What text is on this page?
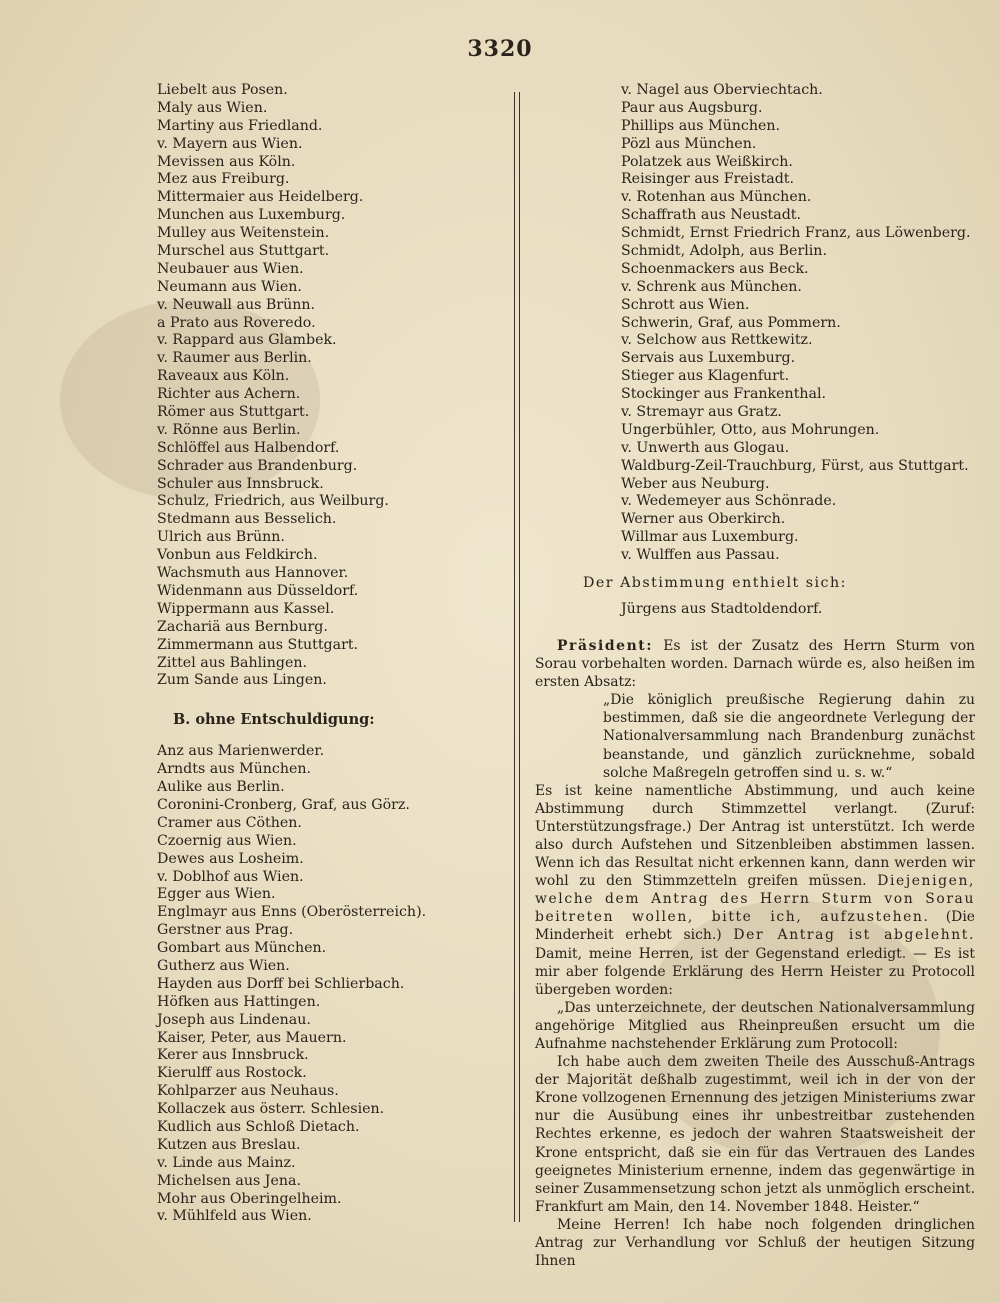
3320
Liebelt aus Posen.
Maly aus Wien.
Martiny aus Friedland.
v. Mayern aus Wien.
Mevissen aus Köln.
Mez aus Freiburg.
Mittermaier aus Heidelberg.
Munchen aus Luxemburg.
Mulley aus Weitenstein.
Murschel aus Stuttgart.
Neubauer aus Wien.
Neumann aus Wien.
v. Neuwall aus Brünn.
a Prato aus Roveredo.
v. Rappard aus Glambek.
v. Raumer aus Berlin.
Raveaux aus Köln.
Richter aus Achern.
Römer aus Stuttgart.
v. Rönne aus Berlin.
Schlöffel aus Halbendorf.
Schrader aus Brandenburg.
Schuler aus Innsbruck.
Schulz, Friedrich, aus Weilburg.
Stedmann aus Besselich.
Ulrich aus Brünn.
Vonbun aus Feldkirch.
Wachsmuth aus Hannover.
Widenmann aus Düsseldorf.
Wippermann aus Kassel.
Zachariä aus Bernburg.
Zimmermann aus Stuttgart.
Zittel aus Bahlingen.
Zum Sande aus Lingen.
B. ohne Entschuldigung:
Anz aus Marienwerder.
Arndts aus München.
Aulike aus Berlin.
Coronini-Cronberg, Graf, aus Görz.
Cramer aus Cöthen.
Czoernig aus Wien.
Dewes aus Losheim.
v. Doblhof aus Wien.
Egger aus Wien.
Englmayr aus Enns (Oberösterreich).
Gerstner aus Prag.
Gombart aus München.
Gutherz aus Wien.
Hayden aus Dorff bei Schlierbach.
Höfken aus Hattingen.
Joseph aus Lindenau.
Kaiser, Peter, aus Mauern.
Kerer aus Innsbruck.
Kierulff aus Rostock.
Kohlparzer aus Neuhaus.
Kollaczek aus österr. Schlesien.
Kudlich aus Schloß Dietach.
Kutzen aus Breslau.
v. Linde aus Mainz.
Michelsen aus Jena.
Mohr aus Oberingelheim.
v. Mühlfeld aus Wien.
v. Nagel aus Oberviechtach.
Paur aus Augsburg.
Phillips aus München.
Pözl aus München.
Polatzek aus Weißkirch.
Reisinger aus Freistadt.
v. Rotenhan aus München.
Schaffrath aus Neustadt.
Schmidt, Ernst Friedrich Franz, aus Löwenberg.
Schmidt, Adolph, aus Berlin.
Schoenmackers aus Beck.
v. Schrenk aus München.
Schrott aus Wien.
Schwerin, Graf, aus Pommern.
v. Selchow aus Rettkewitz.
Servais aus Luxemburg.
Stieger aus Klagenfurt.
Stockinger aus Frankenthal.
v. Stremayr aus Gratz.
Ungerbühler, Otto, aus Mohrungen.
v. Unwerth aus Glogau.
Waldburg-Zeil-Trauchburg, Fürst, aus Stuttgart.
Weber aus Neuburg.
v. Wedemeyer aus Schönrade.
Werner aus Oberkirch.
Willmar aus Luxemburg.
v. Wulffen aus Passau.
Der Abstimmung enthielt sich:
Jürgens aus Stadtoldendorf.

Präsident: Es ist der Zusatz des Herrn Sturm von Sorau vorbehalten worden. Darnach würde es, also heißen im ersten Absatz:

„Die königlich preußische Regierung dahin zu bestimmen, daß sie die angeordnete Verlegung der Nationalversammlung nach Brandenburg zunächst beanstande, und gänzlich zurücknehme, sobald solche Maßregeln getroffen sind u. s. w.“

Es ist keine namentliche Abstimmung, und auch keine Abstimmung durch Stimmzettel verlangt. (Zuruf: Unterstützungsfrage.) Der Antrag ist unterstützt. Ich werde also durch Aufstehen und Sitzenbleiben abstimmen lassen. Wenn ich das Resultat nicht erkennen kann, dann werden wir wohl zu den Stimmzetteln greifen müssen. Diejenigen, welche dem Antrag des Herrn Sturm von Sorau beitreten wollen, bitte ich, aufzustehen. (Die Minderheit erhebt sich.) Der Antrag ist abgelehnt. Damit, meine Herren, ist der Gegenstand erledigt. — Es ist mir aber folgende Erklärung des Herrn Heister zu Protocoll übergeben worden:

„Das unterzeichnete, der deutschen Nationalversammlung angehörige Mitglied aus Rheinpreußen ersucht um die Aufnahme nachstehender Erklärung zum Protocoll:

Ich habe auch dem zweiten Theile des Ausschuß-Antrags der Majorität deßhalb zugestimmt, weil ich in der von der Krone vollzogenen Ernennung des jetzigen Ministeriums zwar nur die Ausübung eines ihr unbestreitbar zustehenden Rechtes erkenne, es jedoch der wahren Staatsweisheit der Krone entspricht, daß sie ein für das Vertrauen des Landes geeignetes Ministerium ernenne, indem das gegenwärtige in seiner Zusammensetzung schon jetzt als unmöglich erscheint. Frankfurt am Main, den 14. November 1848. Heister.“

Meine Herren! Ich habe noch folgenden dringlichen Antrag zur Verhandlung vor Schluß der heutigen Sitzung Ihnen
